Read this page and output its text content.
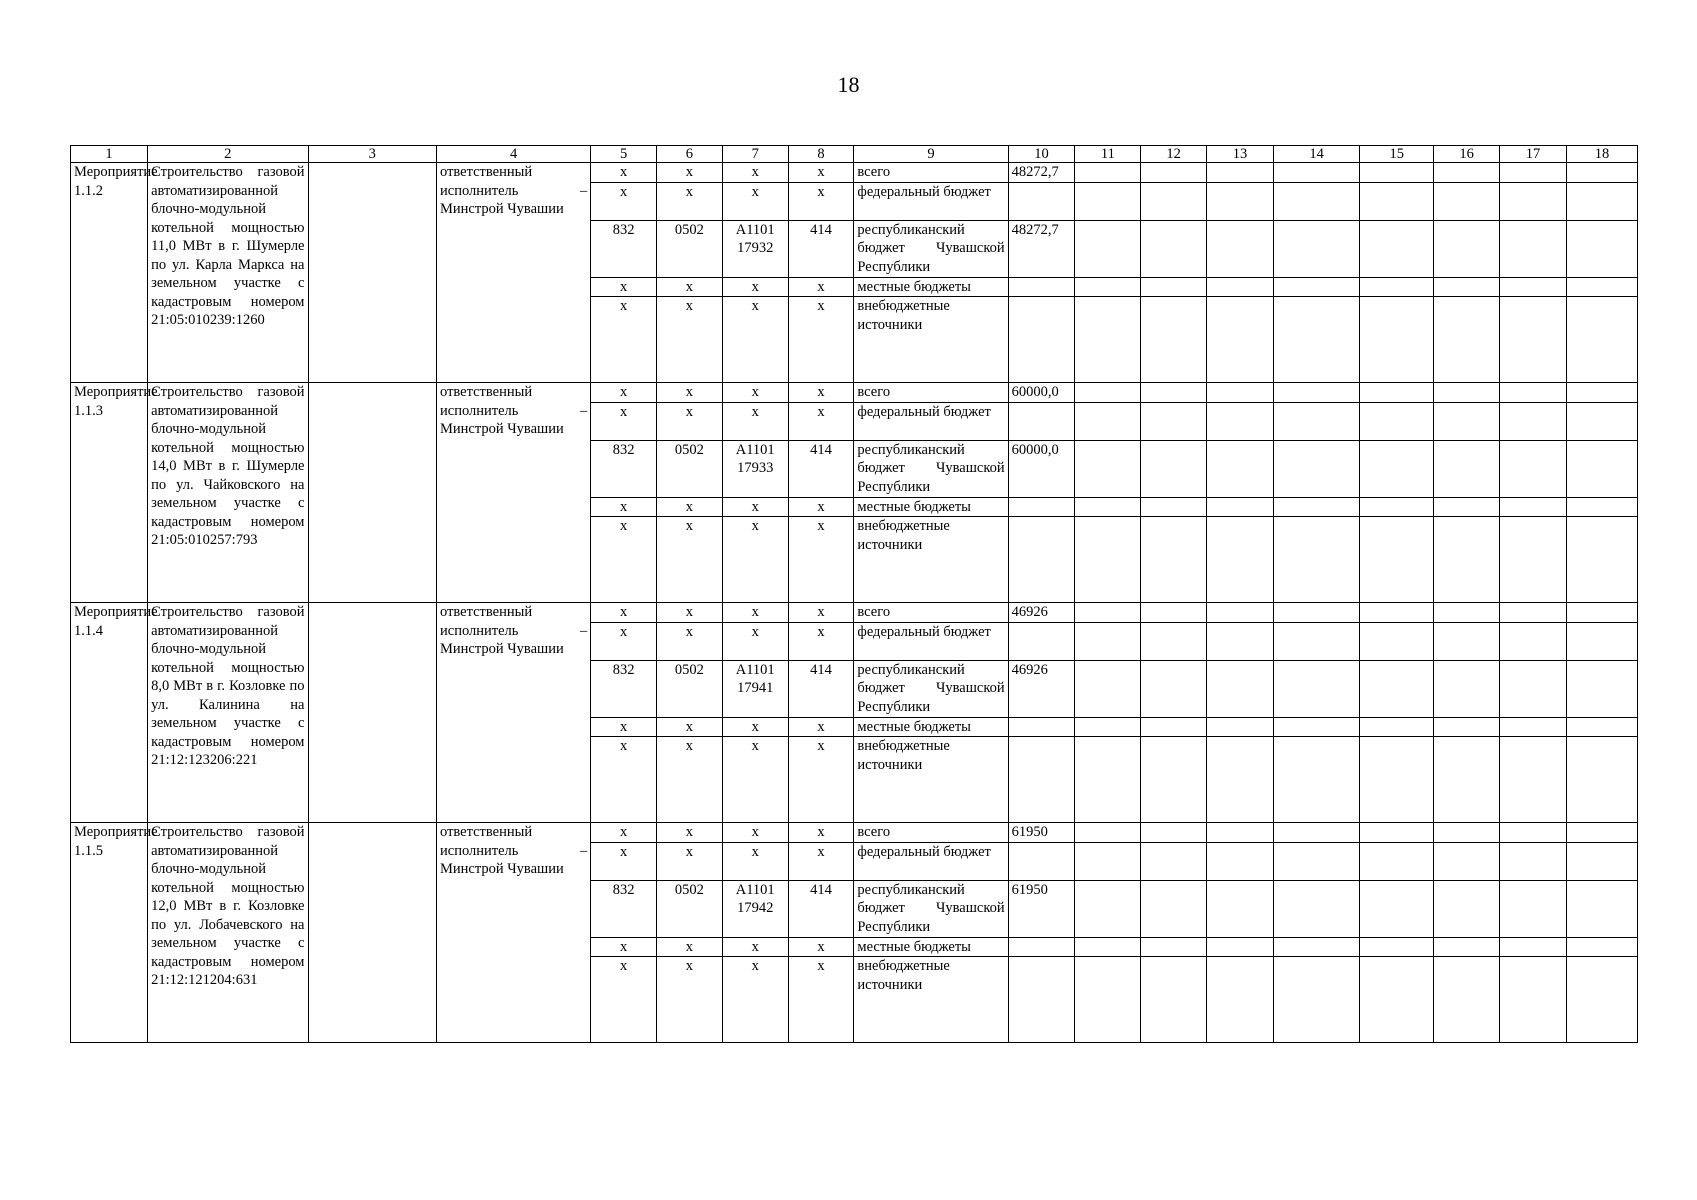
18
1	2	3	4	5	6	7	8	9	10	11	12	13	14	15	16	17	18
Мероприятие 1.1.2	Строительство газовой автоматизированной блочно-модульной котельной мощностью 11,0 МВт в г. Шумерле по ул. Карла Маркса на земельном участке с кадастровым номером 21:05:010239:1260		ответственный исполнитель – Минстрой Чувашии	х	х	х	х	всего	48272,7								
				х	х	х	х	федеральный бюджет									
				832	0502	А1101 17932	414	республиканский бюджет Чувашской Республики	48272,7								
				х	х	х	х	местные бюджеты									
				х	х	х	х	внебюджетные источники									
Мероприятие 1.1.3	Строительство газовой автоматизированной блочно-модульной котельной мощностью 14,0 МВт в г. Шумерле по ул. Чайковского на земельном участке с кадастровым номером 21:05:010257:793		ответственный исполнитель – Минстрой Чувашии	х	х	х	х	всего	60000,0								
				х	х	х	х	федеральный бюджет									
				832	0502	А1101 17933	414	республиканский бюджет Чувашской Республики	60000,0								
				х	х	х	х	местные бюджеты									
				х	х	х	х	внебюджетные источники									
Мероприятие 1.1.4	Строительство газовой автоматизированной блочно-модульной котельной мощностью 8,0 МВт в г. Козловке по ул. Калинина на земельном участке с кадастровым номером 21:12:123206:221		ответственный исполнитель – Минстрой Чувашии	х	х	х	х	всего	46926								
				х	х	х	х	федеральный бюджет									
				832	0502	А1101 17941	414	республиканский бюджет Чувашской Республики	46926								
				х	х	х	х	местные бюджеты									
				х	х	х	х	внебюджетные источники									
Мероприятие 1.1.5	Строительство газовой автоматизированной блочно-модульной котельной мощностью 12,0 МВт в г. Козловке по ул. Лобачевского на земельном участке с кадастровым номером 21:12:121204:631		ответственный исполнитель – Минстрой Чувашии	х	х	х	х	всего	61950								
				х	х	х	х	федеральный бюджет									
				832	0502	А1101 17942	414	республиканский бюджет Чувашской Республики	61950								
				х	х	х	х	местные бюджеты									
				х	х	х	х	внебюджетные источники									
